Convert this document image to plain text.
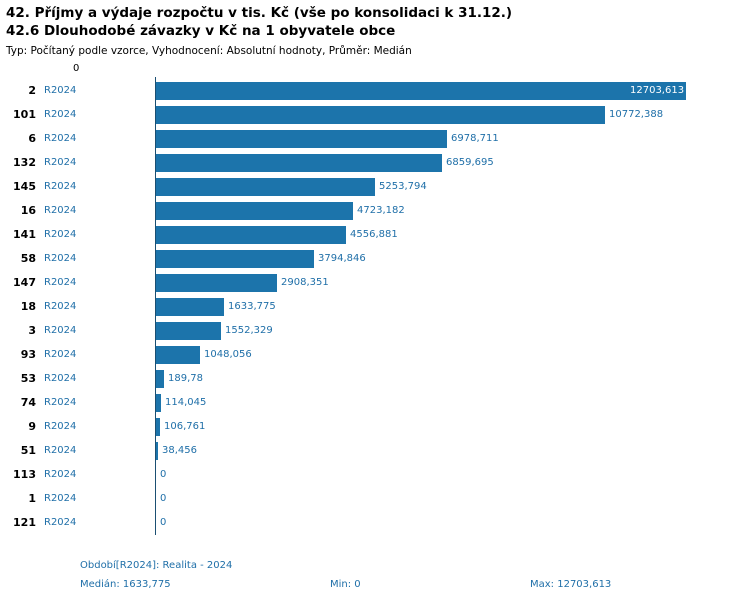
42. Příjmy a výdaje rozpočtu v tis. Kč (vše po konsolidaci k 31.12.)
42.6 Dlouhodobé závazky v Kč na 1 obyvatele obce
Typ: Počítaný podle vzorce, Vyhodnocení: Absolutní hodnoty, Průměr: Medián
0
2 R2024	12703,613
101 R2024	10772,388
6 R2024	6978,711
132 R2024	6859,695
145 R2024	5253,794
16 R2024	4723,182
141 R2024	4556,881
58 R2024	3794,846
147 R2024	2908,351
18 R2024	1633,775
3 R2024	1552,329
93 R2024	1048,056
53 R2024	189,78
74 R2024	114,045
9 R2024	106,761
51 R2024	38,456
113 R2024	0
1 R2024	0
121 R2024	0
Období[R2024]: Realita - 2024
Medián: 1633,775	Min: 0	Max: 12703,613
